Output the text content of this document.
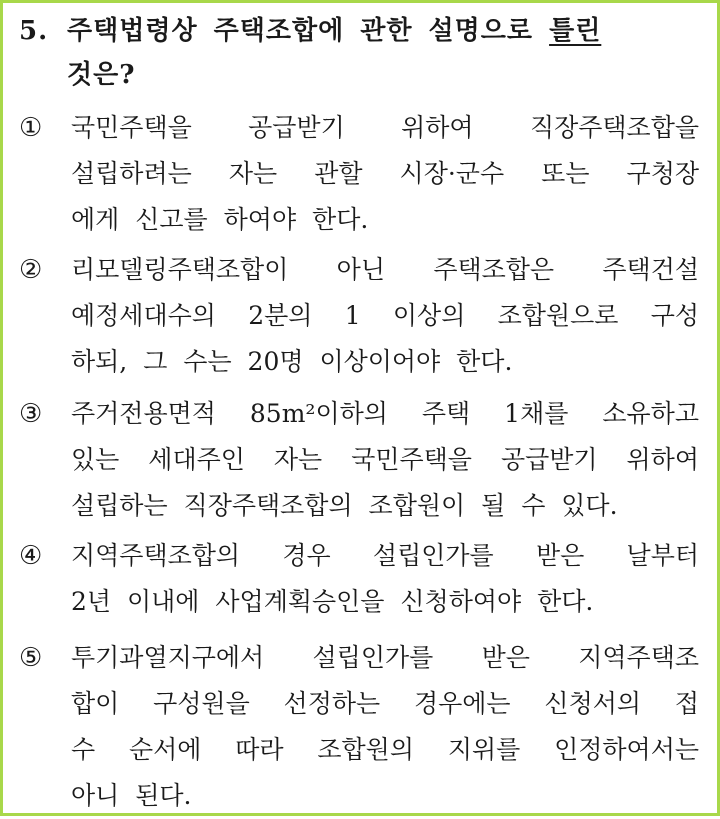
5. 주택법령상 주택조합에 관한 설명으로 틀린
것은?
①	국민주택을 공급받기 위하여 직장주택조합을
설립하려는 자는 관할 시장·군수 또는 구청장
에게 신고를 하여야 한다.
②	리모델링주택조합이 아닌 주택조합은 주택건설
예정세대수의 2분의 1 이상의 조합원으로 구성
하되, 그 수는 20명 이상이어야 한다.
③	주거전용면적 85m²이하의 주택 1채를 소유하고
있는 세대주인 자는 국민주택을 공급받기 위하여
설립하는 직장주택조합의 조합원이 될 수 있다.
④	지역주택조합의 경우 설립인가를 받은 날부터
2년 이내에 사업계획승인을 신청하여야 한다.
⑤	투기과열지구에서 설립인가를 받은 지역주택조
합이 구성원을 선정하는 경우에는 신청서의 접
수 순서에 따라 조합원의 지위를 인정하여서는
아니 된다.
